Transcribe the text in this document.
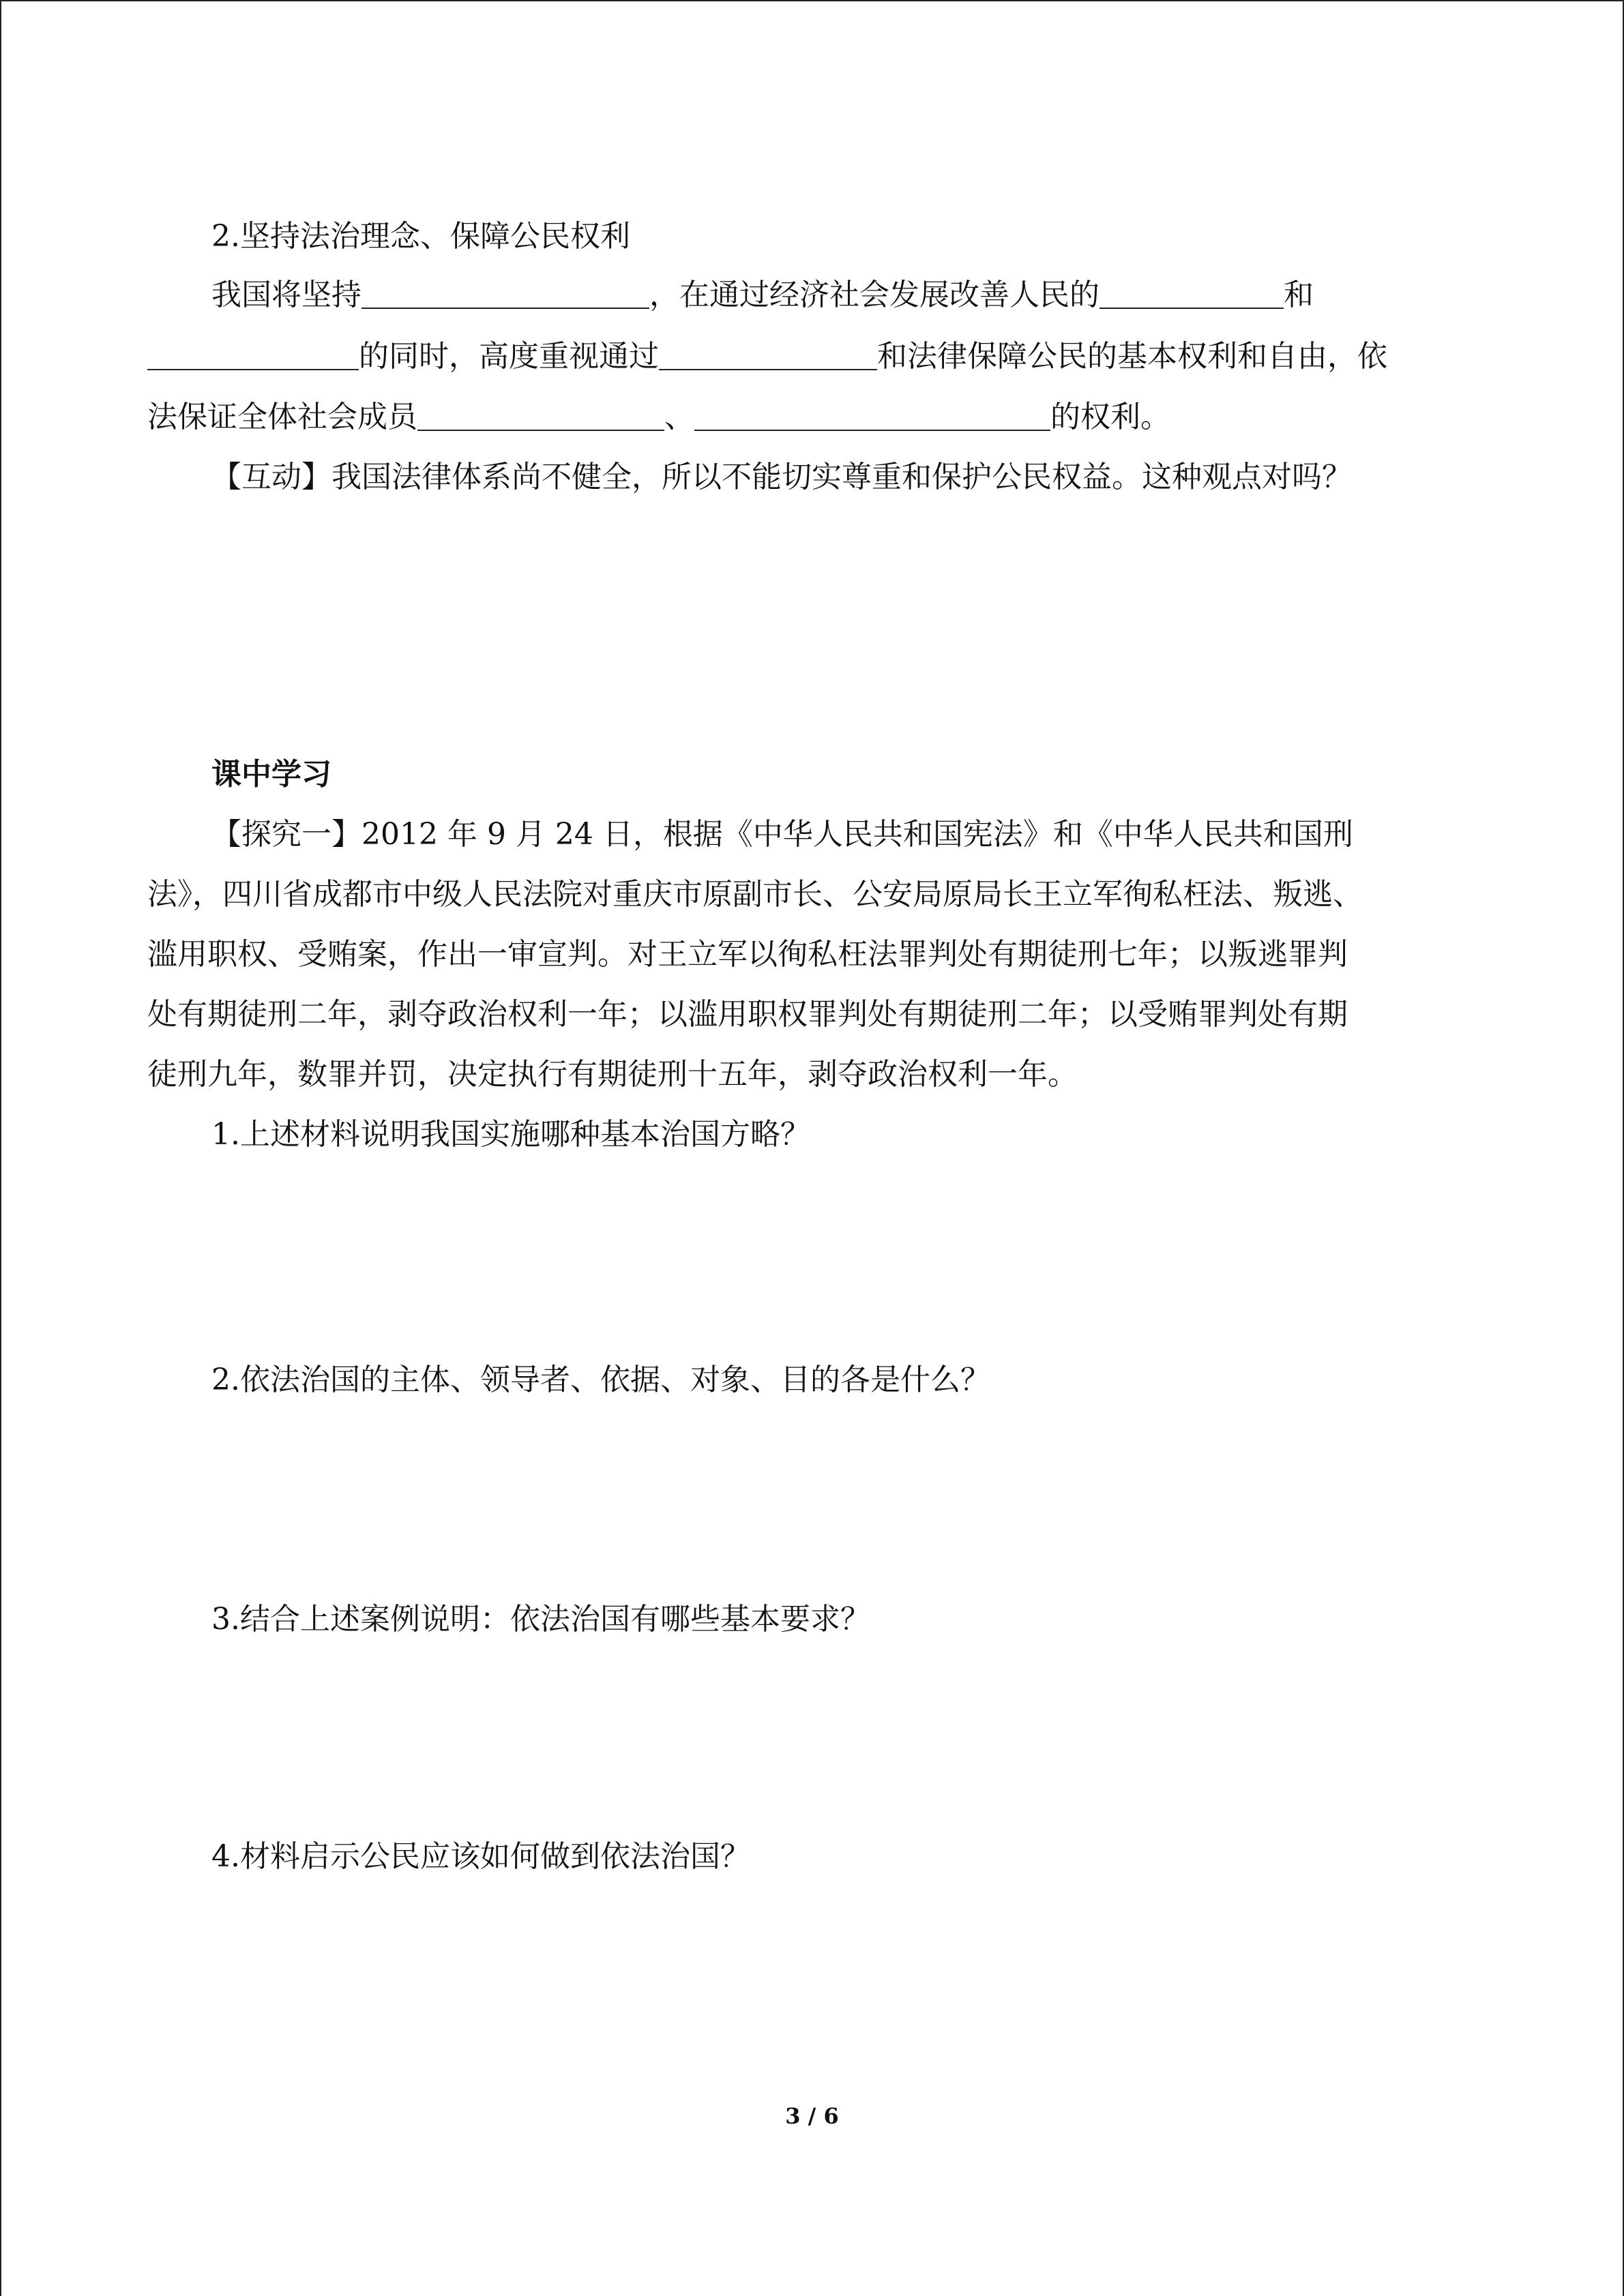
2.坚持法治理念、保障公民权利
我国将坚持	，在通过经济社会发展改善人民的	和
的同时，高度重视通过	和法律保障公民的基本权利和自由，依
法保证全体社会成员	、	的权利。
【互动】我国法律体系尚不健全，所以不能切实尊重和保护公民权益。这种观点对吗？
课中学习
【探究一】2012 年 9 月 24 日，根据《中华人民共和国宪法》和《中华人民共和国刑
法》，四川省成都市中级人民法院对重庆市原副市长、公安局原局长王立军徇私枉法、叛逃、
滥用职权、受贿案，作出一审宣判。对王立军以徇私枉法罪判处有期徒刑七年；以叛逃罪判
处有期徒刑二年，剥夺政治权利一年；以滥用职权罪判处有期徒刑二年；以受贿罪判处有期
徒刑九年，数罪并罚，决定执行有期徒刑十五年，剥夺政治权利一年。
1.上述材料说明我国实施哪种基本治国方略？
2.依法治国的主体、领导者、依据、对象、目的各是什么？
3.结合上述案例说明：依法治国有哪些基本要求？
4.材料启示公民应该如何做到依法治国？
3 / 6
